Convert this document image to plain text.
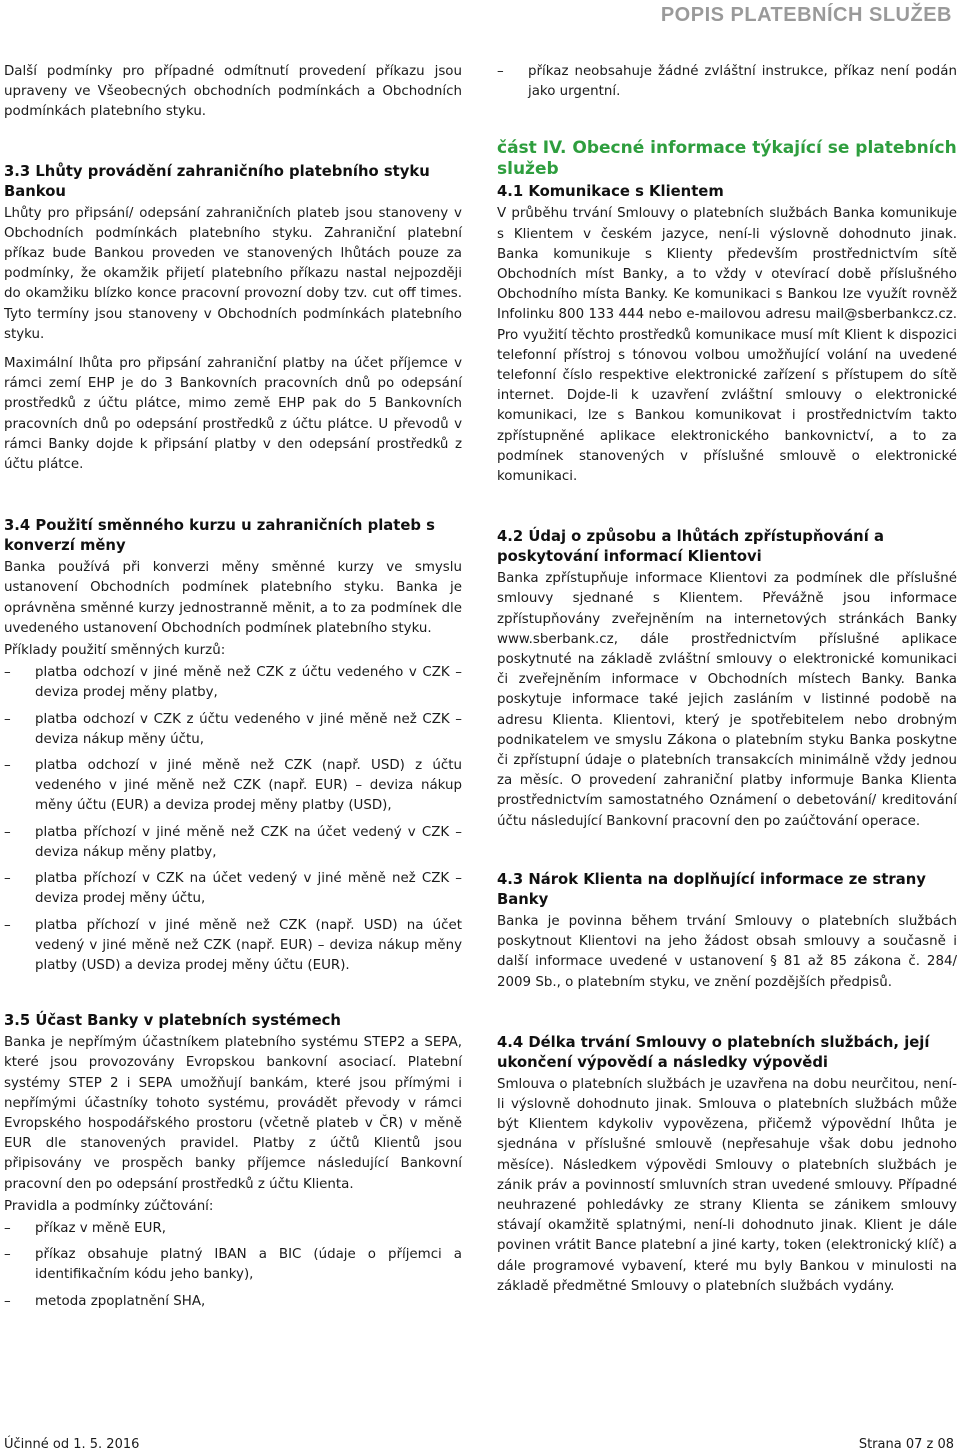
POPIS PLATEBNÍCH SLUŽEB

Další podmínky pro případné odmítnutí provedení příkazu jsou upraveny ve Všeobecných obchodních podmínkách a Obchodních podmínkách platebního styku.

3.3 Lhůty provádění zahraničního platebního styku Bankou

Lhůty pro připsání/ odepsání zahraničních plateb jsou stanoveny v Obchodních podmínkách platebního styku. Zahraniční platební příkaz bude Bankou proveden ve stanovených lhůtách pouze za podmínky, že okamžik přijetí platebního příkazu nastal nejpozději do okamžiku blízko konce pracovní provozní doby tzv. cut off times. Tyto termíny jsou stanoveny v Obchodních podmínkách platebního styku.

Maximální lhůta pro připsání zahraniční platby na účet příjemce v rámci zemí EHP je do 3 Bankovních pracovních dnů po odepsání prostředků z účtu plátce, mimo země EHP pak do 5 Bankovních pracovních dnů po odepsání prostředků z účtu plátce. U převodů v rámci Banky dojde k připsání platby v den odepsání prostředků z účtu plátce.

3.4 Použití směnného kurzu u zahraničních plateb s konverzí měny

Banka používá při konverzi měny směnné kurzy ve smyslu ustanovení Obchodních podmínek platebního styku. Banka je oprávněna směnné kurzy jednostranně měnit, a to za podmínek dle uvedeného ustanovení Obchodních podmínek platebního styku.

Příklady použití směnných kurzů:

– platba odchozí v jiné měně než CZK z účtu vedeného v CZK – deviza prodej měny platby,
– platba odchozí v CZK z účtu vedeného v jiné měně než CZK – deviza nákup měny účtu,
– platba odchozí v jiné měně než CZK (např. USD) z účtu vedeného v jiné měně než CZK (např. EUR) – deviza nákup měny účtu (EUR) a deviza prodej měny platby (USD),
– platba příchozí v jiné měně než CZK na účet vedený v CZK – deviza nákup měny platby,
– platba příchozí v CZK na účet vedený v jiné měně než CZK – deviza prodej měny účtu,
– platba příchozí v jiné měně než CZK (např. USD) na účet vedený v jiné měně než CZK (např. EUR) – deviza nákup měny platby (USD) a deviza prodej měny účtu (EUR).
3.5 Účast Banky v platebních systémech

Banka je nepřímým účastníkem platebního systému STEP2 a SEPA, které jsou provozovány Evropskou bankovní asociací. Platební systémy STEP 2 i SEPA umožňují bankám, které jsou přímými i nepřímými účastníky tohoto systému, provádět převody v rámci Evropského hospodářského prostoru (včetně plateb v ČR) v měně EUR dle stanovených pravidel. Platby z účtů Klientů jsou připisovány ve prospěch banky příjemce následující Bankovní pracovní den po odepsání prostředků z účtu Klienta.

Pravidla a podmínky zúčtování:

– příkaz v měně EUR,
– příkaz obsahuje platný IBAN a BIC (údaje o příjemci a identifikačním kódu jeho banky),
– metoda zpoplatnění SHA,
– příkaz neobsahuje žádné zvláštní instrukce, příkaz není podán jako urgentní.
část IV. Obecné informace týkající se platebních služeb
4.1 Komunikace s Klientem

V průběhu trvání Smlouvy o platebních službách Banka komunikuje s Klientem v českém jazyce, není-li výslovně dohodnuto jinak. Banka komunikuje s Klienty především prostřednictvím sítě Obchodních míst Banky, a to vždy v otevírací době příslušného Obchodního místa Banky. Ke komunikaci s Bankou lze využít rovněž Infolinku 800 133 444 nebo e-mailovou adresu mail@sberbankcz.cz. Pro využití těchto prostředků komunikace musí mít Klient k dispozici telefonní přístroj s tónovou volbou umožňující volání na uvedené telefonní číslo respektive elektronické zařízení s přístupem do sítě internet. Dojde-li k uzavření zvláštní smlouvy o elektronické komunikaci, lze s Bankou komunikovat i prostřednictvím takto zpřístupněné aplikace elektronického bankovnictví, a to za podmínek stanovených v příslušné smlouvě o elektronické komunikaci.

4.2 Údaj o způsobu a lhůtách zpřístupňování a poskytování informací Klientovi

Banka zpřístupňuje informace Klientovi za podmínek dle příslušné smlouvy sjednané s Klientem. Převážně jsou informace zpřístupňovány zveřejněním na internetových stránkách Banky www.sberbank.cz, dále prostřednictvím příslušné aplikace poskytnuté na základě zvláštní smlouvy o elektronické komunikaci či zveřejněním informace v Obchodních místech Banky. Banka poskytuje informace také jejich zasláním v listinné podobě na adresu Klienta. Klientovi, který je spotřebitelem nebo drobným podnikatelem ve smyslu Zákona o platebním styku Banka poskytne či zpřístupní údaje o platebních transakcích minimálně vždy jednou za měsíc. O provedení zahraniční platby informuje Banka Klienta prostřednictvím samostatného Oznámení o debetování/ kreditování účtu následující Bankovní pracovní den po zaúčtování operace.

4.3 Nárok Klienta na doplňující informace ze strany Banky

Banka je povinna během trvání Smlouvy o platebních službách poskytnout Klientovi na jeho žádost obsah smlouvy a současně i další informace uvedené v ustanovení § 81 až 85 zákona č. 284/ 2009 Sb., o platebním styku, ve znění pozdějších předpisů.

4.4 Délka trvání Smlouvy o platebních službách, její ukončení výpovědí a následky výpovědi

Smlouva o platebních službách je uzavřena na dobu neurčitou, není-li výslovně dohodnuto jinak. Smlouva o platebních službách může být Klientem kdykoliv vypovězena, přičemž výpovědní lhůta je sjednána v příslušné smlouvě (nepřesahuje však dobu jednoho měsíce). Následkem výpovědi Smlouvy o platebních službách je zánik práv a povinností smluvních stran uvedené smlouvy. Případné neuhrazené pohledávky ze strany Klienta se zánikem smlouvy stávají okamžitě splatnými, není-li dohodnuto jinak. Klient je dále povinen vrátit Bance platební a jiné karty, token (elektronický klíč) a dále programové vybavení, které mu byly Bankou v minulosti na základě předmětné Smlouvy o platebních službách vydány.

Účinné od 1. 5. 2016	Strana 07 z 08
